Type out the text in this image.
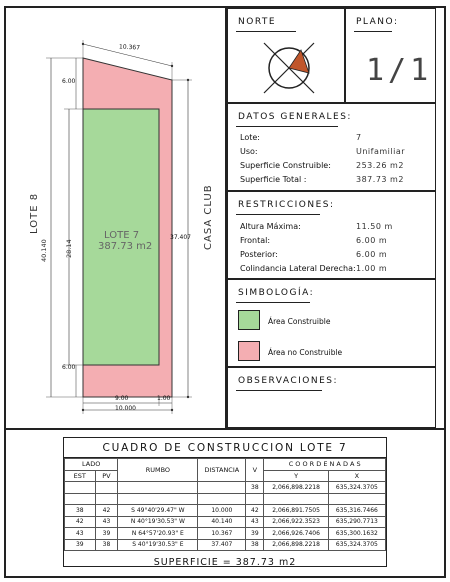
10.367
6.00
6.00
40.140	28.14
37.407
9.00	1.00
10.000
LOTE 7
387.73 m2
LOTE 8	CASA CLUB
NORTE	PLANO:
1/1
DATOS GENERALES:
Lote:	7
Uso:	Unifamiliar
Superficie Construible:	253.26 m2
Superficie Total :	387.73 m2
RESTRICCIONES:
Altura Máxima:	11.50 m
Frontal:	6.00 m
Posterior:	6.00 m
Colindancia Lateral Derecha: 1.00 m
SIMBOLOGÍA:
Área Construible
Área no Construible
OBSERVACIONES:
CUADRO DE CONSTRUCCION LOTE 7
LADO		RUMBO	DISTANCIA	V	C O O R D E N A D A S	
EST	PV				Y	X
				38	2,066,898.2218	635,324.3705

38	42	S 49°40'29.47" W	10.000	42	2,066,891.7505	635,316.7466
42	43	N 40°19'30.53" W	40.140	43	2,066,922.3523	635,290.7713
43	39	N 64°57'20.93" E	10.367	39	2,066,926.7406	635,300.1632
39	38	S 40°19'30.53" E	37.407	38	2,066,898.2218	635,324.3705
SUPERFICIE = 387.73 m2
